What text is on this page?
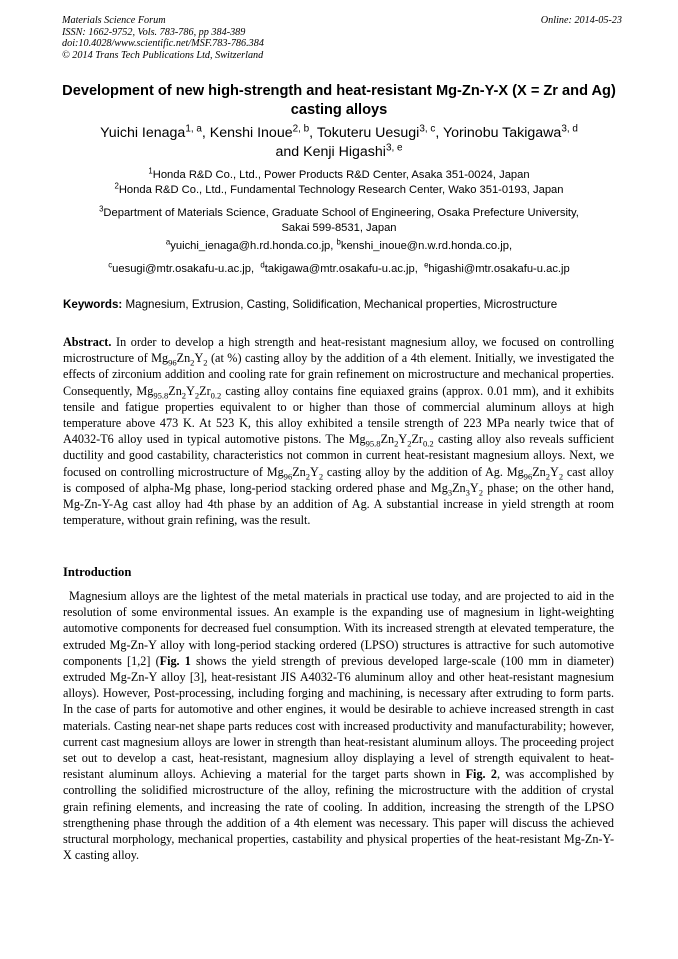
Materials Science Forum
ISSN: 1662-9752, Vols. 783-786, pp 384-389
doi:10.4028/www.scientific.net/MSF.783-786.384
© 2014 Trans Tech Publications Ltd, Switzerland
Online: 2014-05-23
Development of new high-strength and heat-resistant Mg-Zn-Y-X (X = Zr and Ag) casting alloys
Yuichi Ienaga$^{1, a}$, Kenshi Inoue$^{2, b}$, Tokuteru Uesugi$^{3, c}$, Yorinobu Takigawa$^{3, d}$
and Kenji Higashi$^{3, e}$
$^1$Honda R&D Co., Ltd., Power Products R&D Center, Asaka 351-0024, Japan
$^2$Honda R&D Co., Ltd., Fundamental Technology Research Center, Wako 351-0193, Japan
$^3$Department of Materials Science, Graduate School of Engineering, Osaka Prefecture University,
Sakai 599-8531, Japan
$^a$yuichi_ienaga@h.rd.honda.co.jp, $^b$kenshi_inoue@n.w.rd.honda.co.jp,
$^c$uesugi@mtr.osakafu-u.ac.jp,  $^d$takigawa@mtr.osakafu-u.ac.jp,  $^e$higashi@mtr.osakafu-u.ac.jp
Keywords: Magnesium, Extrusion, Casting, Solidification, Mechanical properties, Microstructure
Abstract. In order to develop a high strength and heat-resistant magnesium alloy, we focused on controlling microstructure of $Mg_{96}Zn_2Y_2$ (at %) casting alloy by the addition of a 4th element. Initially, we investigated the effects of zirconium addition and cooling rate for grain refinement on microstructure and mechanical properties. Consequently, $Mg_{95.8}Zn_2Y_2Zr_{0.2}$ casting alloy contains fine equiaxed grains (approx. 0.01 mm), and it exhibits tensile and fatigue properties equivalent to or higher than those of commercial aluminum alloys at high temperature above 473 K. At 523 K, this alloy exhibited a tensile strength of 223 MPa nearly twice that of A4032-T6 alloy used in typical automotive pistons. The $Mg_{95.8}Zn_2Y_2Zr_{0.2}$ casting alloy also reveals sufficient ductility and good castability, characteristics not common in current heat-resistant magnesium alloys. Next, we focused on controlling microstructure of $Mg_{96}Zn_2Y_2$ casting alloy by the addition of Ag. $Mg_{96}Zn_2Y_2$ cast alloy is composed of alpha-Mg phase, long-period stacking ordered phase and $Mg_3Zn_3Y_2$ phase; on the other hand, Mg-Zn-Y-Ag cast alloy had 4th phase by an addition of Ag. A substantial increase in yield strength at room temperature, without grain refining, was the result.
Introduction
Magnesium alloys are the lightest of the metal materials in practical use today, and are projected to aid in the resolution of some environmental issues. An example is the expanding use of magnesium in light-weighting automotive components for decreased fuel consumption. With its increased strength at elevated temperature, the extruded Mg-Zn-Y alloy with long-period stacking ordered (LPSO) structures is attractive for such automotive components [1,2] (Fig. 1 shows the yield strength of previous developed large-scale (100 mm in diameter) extruded Mg-Zn-Y alloy [3], heat-resistant JIS A4032-T6 aluminum alloy and other heat-resistant magnesium alloys). However, Post-processing, including forging and machining, is necessary after extruding to form parts. In the case of parts for automotive and other engines, it would be desirable to achieve increased strength in cast materials. Casting near-net shape parts reduces cost with increased productivity and manufacturability; however, current cast magnesium alloys are lower in strength than heat-resistant aluminum alloys. The proceeding project set out to develop a cast, heat-resistant, magnesium alloy displaying a level of strength equivalent to heat-resistant aluminum alloys. Achieving a material for the target parts shown in Fig. 2, was accomplished by controlling the solidified microstructure of the alloy, refining the microstructure with the addition of crystal grain refining elements, and increasing the rate of cooling. In addition, increasing the strength of the LPSO strengthening phase through the addition of a 4th element was necessary. This paper will discuss the achieved structural morphology, mechanical properties, castability and physical properties of the heat-resistant Mg-Zn-Y-X casting alloy.
